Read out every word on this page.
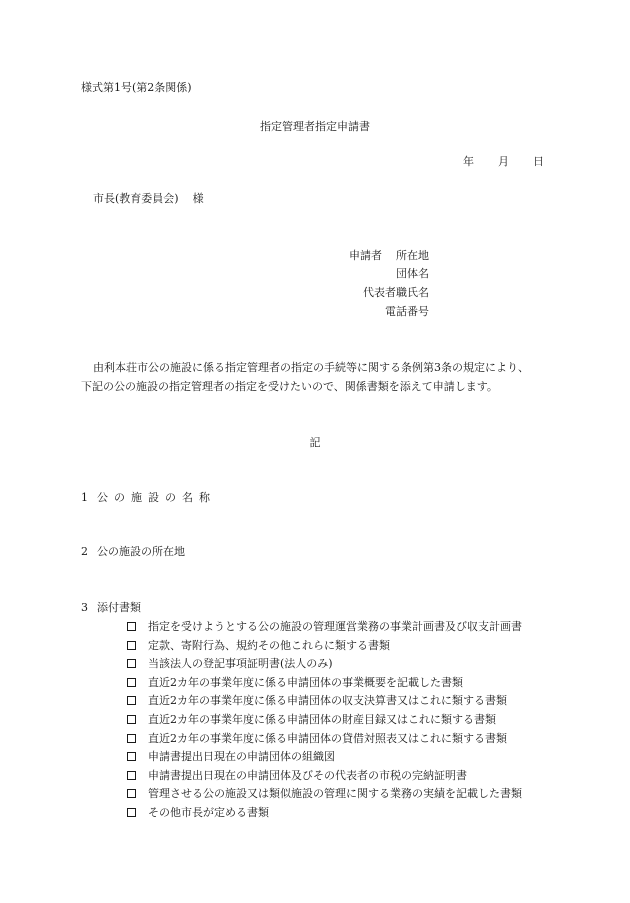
様式第1号(第2条関係)
指定管理者指定申請書
年 月 日
市長(教育委員会) 様
申請者 所在地
団体名
代表者職氏名
電話番号
由利本荘市公の施設に係る指定管理者の指定の手続等に関する条例第3条の規定により、
下記の公の施設の指定管理者の指定を受けたいので、関係書類を添えて申請します。
記
1 公の施設の名称
2 公の施設の所在地
3 添付書類
指定を受けようとする公の施設の管理運営業務の事業計画書及び収支計画書
定款、寄附行為、規約その他これらに類する書類
当該法人の登記事項証明書(法人のみ)
直近2カ年の事業年度に係る申請団体の事業概要を記載した書類
直近2カ年の事業年度に係る申請団体の収支決算書又はこれに類する書類
直近2カ年の事業年度に係る申請団体の財産目録又はこれに類する書類
直近2カ年の事業年度に係る申請団体の貸借対照表又はこれに類する書類
申請書提出日現在の申請団体の組織図
申請書提出日現在の申請団体及びその代表者の市税の完納証明書
管理させる公の施設又は類似施設の管理に関する業務の実績を記載した書類
その他市長が定める書類
